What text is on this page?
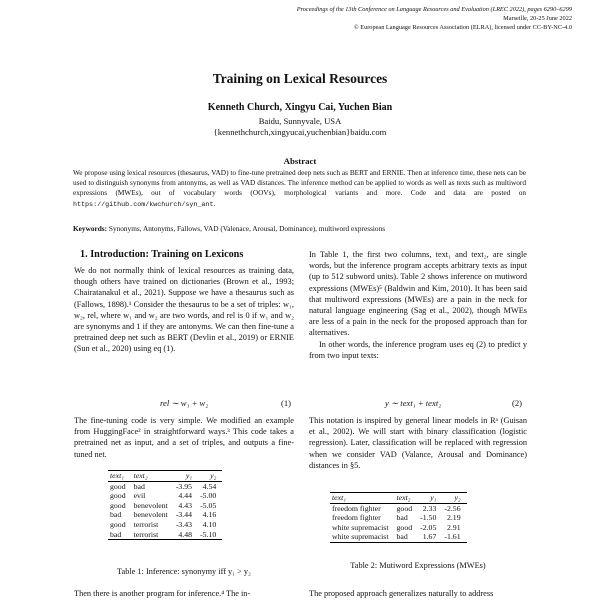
Proceedings of the 13th Conference on Language Resources and Evaluation (LREC 2022), pages 6290–6299
Marseille, 20-25 June 2022
© European Language Resources Association (ELRA), licensed under CC-BY-NC-4.0
Training on Lexical Resources
Kenneth Church, Xingyu Cai, Yuchen Bian
Baidu, Sunnyvale, USA
{kennethchurch,xingyucai,yuchenbian}baidu.com
Abstract
We propose using lexical resources (thesaurus, VAD) to fine-tune pretrained deep nets such as BERT and ERNIE. Then at inference time, these nets can be used to distinguish synonyms from antonyms, as well as VAD distances. The inference method can be applied to words as well as texts such as multiword expressions (MWEs), out of vocabulary words (OOVs), morphological variants and more. Code and data are posted on https://github.com/kwchurch/syn_ant.
Keywords: Synonyms, Antonyms, Fallows, VAD (Valenace, Arousal, Dominance), multiword expressions
1. Introduction: Training on Lexicons
We do not normally think of lexical resources as training data, though others have trained on dictionaries (Brown et al., 1993; Chairatanakul et al., 2021). Suppose we have a thesaurus such as (Fallows, 1898).¹ Consider the thesaurus to be a set of triples: w₁, w₂, rel, where w₁ and w₂ are two words, and rel is 0 if w₁ and w₂ are synonyms and 1 if they are antonyms. We can then fine-tune a pretrained deep net such as BERT (Devlin et al., 2019) or ERNIE (Sun et al., 2020) using eq (1).
rel ∼ w₁ + w₂	(1)
The fine-tuning code is very simple. We modified an example from HuggingFace² in straightforward ways.³ This code takes a pretrained net as input, and a set of triples, and outputs a fine-tuned net.
text₁	text₂	y₁	y₂
good	bad	-3.95	4.54
good	evil	4.44	-5.00
good	benevolent	4.43	-5.05
bad	benevolent	-3.44	4.16
good	terrorist	-3.43	4.10
bad	terrorist	4.48	-5.10
Table 1: Inference: synonymy iff y₁ > y₂
Then there is another program for inference.⁴ The in-
In Table 1, the first two columns, text₁ and text₂, are single words, but the inference program accepts arbitrary texts as input (up to 512 subword units). Table 2 shows inference on mutiword expressions (MWEs)⁵ (Baldwin and Kim, 2010). It has been said that multiword expressions (MWEs) are a pain in the neck for natural language engineering (Sag et al., 2002), though MWEs are less of a pain in the neck for the proposed approach than for alternatives.
In other words, the inference program uses eq (2) to predict y from two input texts:
y ∼ text₁ + text₂	(2)
This notation is inspired by general linear models in Rᵃ (Guisan et al., 2002). We will start with binary classification (logistic regression). Later, classification will be replaced with regression when we consider VAD (Valance, Arousal and Dominance) distances in §5.
text₁	text₂	y₁	y₂
freedom fighter	good	2.33	-2.56
freedom fighter	bad	-1.50	2.19
white supremacist	good	-2.05	2.91
white supremacist	bad	1.67	-1.61
Table 2: Mutiword Expressions (MWEs)
The proposed approach generalizes naturally to address
